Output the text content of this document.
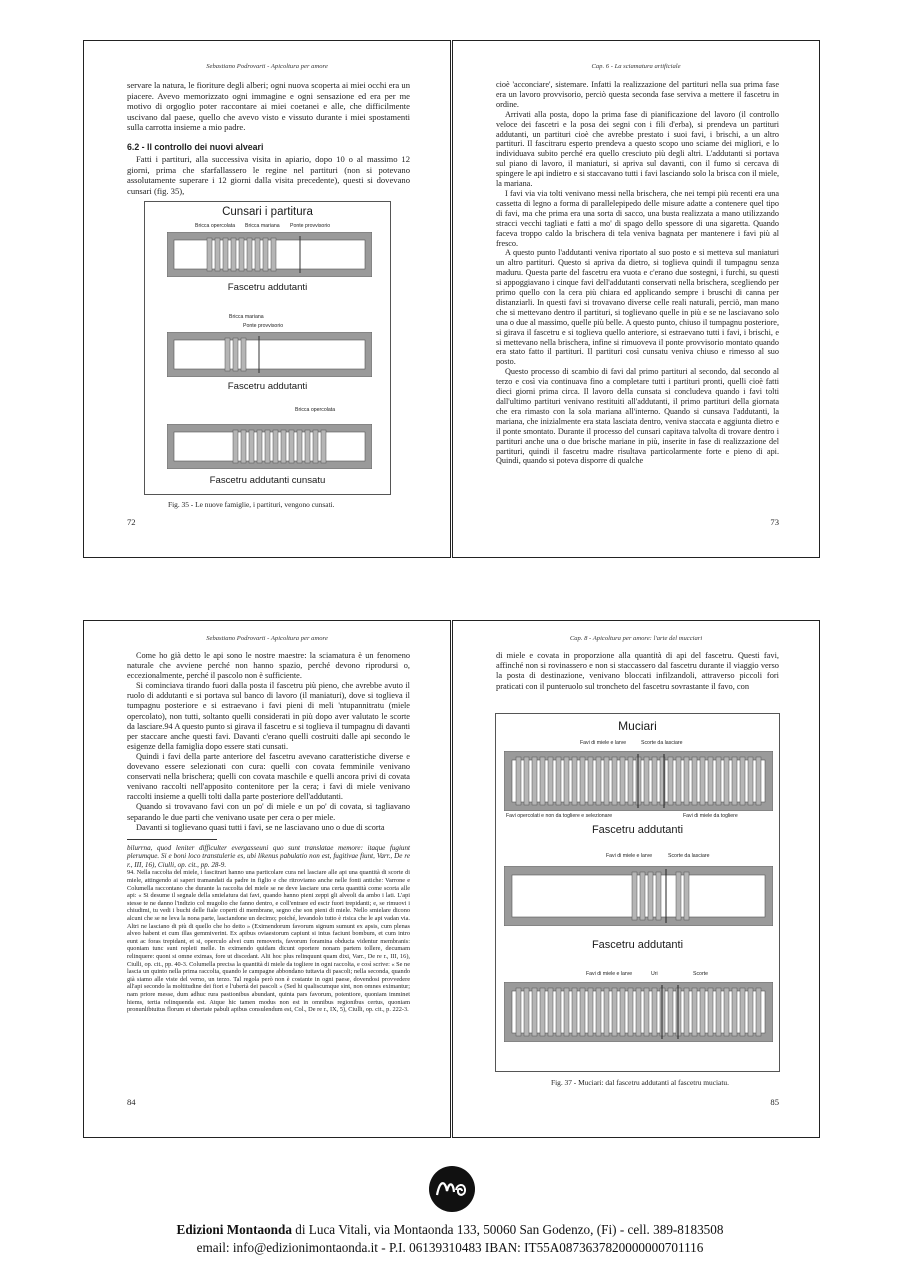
Sebastiano Podrovarti - Apicoltura per amore

servare la natura, le fioriture degli alberi; ogni nuova scoperta ai miei occhi era un piacere. Avevo memorizzato ogni immagine e ogni sensazione ed era per me motivo di orgoglio poter raccontare ai miei coetanei e alle, che difficilmente uscivano dal paese, quello che avevo visto e vissuto durante i miei spostamenti sulla carrotta insieme a mio padre.

6.2 - Il controllo dei nuovi alveari

Fatti i partituri, alla successiva visita in apiario, dopo 10 o al massimo 12 giorni, prima che sfarfallassero le regine nel partituri (non si potevano assolutamente superare i 12 giorni dalla visita precedente), questi si dovevano cunsari (fig. 35),

Cunsari i partitura
Bricca opercolata Bricca mariana Ponte provvisorio
Fascetru addutanti
Bricca mariana
Ponte provvisorio
Fascetru addutanti
Bricca opercolata
Fascetru addutanti cunsatu
Fig. 35 - Le nuove famiglie, i partituri, vengono cunsati.
72
Cap. 6 - La sciamatura artificiale

cioè 'acconciare', sistemare. Infatti la realizzazione del partituri nella sua prima fase era un lavoro provvisorio, perciò questa seconda fase serviva a mettere il fascetru in ordine.

Arrivati alla posta, dopo la prima fase di pianificazione del lavoro (il controllo veloce dei fascetri e la posa dei segni con i fili d'erba), si prendeva un partituri addutanti, un partituri cioè che avrebbe prestato i suoi favi, i brischi, a un altro partituri. Il fascitraru esperto prendeva a questo scopo uno sciame dei migliori, e lo individuava subito perché era quello cresciuto più degli altri. L'addutanti si portava sul piano di lavoro, il maniaturi, si apriva sul davanti, con il fumo si cercava di spingere le api indietro e si staccavano tutti i favi lasciando solo la brisca con il miele, la mariana.

I favi via via tolti venivano messi nella brischera, che nei tempi più recenti era una cassetta di legno a forma di parallelepipedo delle misure adatte a contenere quel tipo di favi, ma che prima era una sorta di sacco, una busta realizzata a mano utilizzando stracci vecchi tagliati e fatti a mo' di spago dello spessore di una sigaretta. Quando faceva troppo caldo la brischera di tela veniva bagnata per mantenere i favi più al fresco.

A questo punto l'addutanti veniva riportato al suo posto e si metteva sul maniaturi un altro partituri. Questo si apriva da dietro, si toglieva quindi il tumpagnu senza maduru. Questa parte del fascetru era vuota e c'erano due sostegni, i furchi, su questi si appoggiavano i cinque favi dell'addutanti conservati nella brischera, scegliendo per primo quello con la cera più chiara ed applicando sempre i bruschi di canna per distanziarli. In questi favi si trovavano diverse celle reali naturali, perciò, man mano che si mettevano dentro il partituri, si toglievano quelle in più e se ne lasciavano solo una o due al massimo, quelle più belle. A questo punto, chiuso il tumpagnu posteriore, si girava il fascetru e si toglieva quello anteriore, si estraevano tutti i favi, i brischi, e si mettevano nella brischera, infine si rimuoveva il ponte provvisorio montato quando era stato fatto il partituri. Il partituri così cunsatu veniva chiuso e rimesso al suo posto.

Questo processo di scambio di favi dal primo partituri al secondo, dal secondo al terzo e così via continuava fino a completare tutti i partituri pronti, quelli cioè fatti dieci giorni prima circa. Il lavoro della cunsata si concludeva quando i favi tolti dall'ultimo partituri venivano restituiti all'addutanti, il primo partituri della giornata che era rimasto con la sola mariana all'interno. Quando si cunsava l'addutanti, la mariana, che inizialmente era stata lasciata dentro, veniva staccata e aggiunta dietro e il ponte smontato. Durante il processo del cunsari capitava talvolta di trovare dentro i partituri anche una o due brische mariane in più, inserite in fase di realizzazione del partituri, quindi il fascetru madre risultava particolarmente forte e pieno di api. Quindi, quando si poteva disporre di qualche

73
Sebastiano Podrovarti - Apicoltura per amore

Come ho già detto le api sono le nostre maestre: la sciamatura è un fenomeno naturale che avviene perché non hanno spazio, perché devono riprodursi o, eccezionalmente, perché il pascolo non è sufficiente.

Si cominciava tirando fuori dalla posta il fascetru più pieno, che avrebbe avuto il ruolo di addutanti e si portava sul banco di lavoro (il maniaturi), dove si toglieva il tumpagnu posteriore e si estraevano i favi pieni di meli 'ntupannitratu (miele opercolato), non tutti, soltanto quelli considerati in più dopo aver valutato le scorte da lasciare.94 A questo punto si girava il fascetru e si toglieva il tumpagnu di davanti per staccare anche questi favi. Davanti c'erano quelli costruiti dalle api secondo le esigenze della famiglia dopo essere stati cunsati.

Quindi i favi della parte anteriore del fascetru avevano caratteristiche diverse e dovevano essere selezionati con cura: quelli con covata femminile venivano conservati nella brischera; quelli con covata maschile e quelli ancora privi di covata venivano raccolti nell'apposito contenitore per la cera; i favi di miele venivano raccolti insieme a quelli tolti dalla parte posteriore dell'addutanti.

Quando si trovavano favi con un po' di miele e un po' di covata, si tagliavano separando le due parti che venivano usate per cera o per miele.

Davanti si toglievano quasi tutti i favi, se ne lasciavano uno o due di scorta

bilurrna, quod leniter difficulter evergasseuni quo sunt translatae memore: itaque fugiunt plerumque. Si e boni loco transtulerie es, ubi likenus pabulatio non est, fugitivae fiunt, Varr., De re r., III, 16), Ciulli, op. cit., pp. 28-9.
94. Nella raccolta del miele, i fascitrari hanno una particolare cura nel lasciare alle api una quantità di scorte di miele, attingendo ai saperi tramandati da padre in figlio e che ritroviamo anche nelle fonti antiche: Varrone e Columella raccontano che durante la raccolta del miele se ne deve lasciare una certa quantità come scorta alle api: « Si desume il segnale della smielatura dai favi, quando hanno pieni zeppi gli alveoli da ambo i lati. L'api stesse te ne danno l'indizio col mugolio che fanno dentro, e coll'entrare ed escir fuori trepidanti; e, se rimuovi i chiudimi, tu vedi i buchi delle fiale coperti di membrane, segno che son pieni di miele. Nello smielare dicono alcuni che se ne leva la nona parte, lasciandone un decimo; poiché, levandolo tutto è risica che le api vadan via. Altri ne lasciano di più di quello che ho detto » (Eximendorum favorum signum sumunt ex apsis, cum plenas alveo habent et cum illas gemmiverint. Ex apibus oviaestorum capiunt si intus faciunt bombum, et cum intro eunt ac foras trepidant, et si, operculo alvei cum removeris, favorum foramina obducta videntur membranis: quoniam tunc sunt repleti melle. In eximendo quidam dicunt oportere nonam partem tollere, decumam relinquere: quoni si omne eximas, fore ut discedant. Alii hoc plus relinquunt quam dixi, Varr., De re r., III, 16), Ciulli, op. cit., pp. 40-3. Columella precisa la quantità di miele da togliere in ogni raccolta, e così scrive: « Se ne lascia un quinto nella prima raccolta, quando le campagne abbondano tuttavia di pascoli; nella seconda, quando già siamo alle viste del verno, un terzo. Tal regola però non è costante in ogni paese, dovendosi provvedere all'api secondo la moltitudine dei fiori e l'ubertà dei pascoli » (Sed hi qualiscumque sint, non omnes eximantur; nam priore messe, dum adhuc rura pastionibus abundant, quinta pars favorum, potentiore, quoniam imminet hiems, tertia relinquenda est. Atque hic tamen modus non est in omnibus regionibus certus, quoniam pronunlibtuitus florum et ubertate pabuli apibus consulendum est, Col., De re r., IX, 5), Ciulli, op. cit., p. 222-3.
84
Cap. 8 - Apicoltura per amore: l'arte del mucciari

di miele e covata in proporzione alla quantità di api del fascetru. Questi favi, affinché non si rovinassero e non si staccassero dal fascetru durante il viaggio verso la posta di destinazione, venivano bloccati infilzandoli, attraverso piccoli fori praticati con il punteruolo sul troncheto del fascetru sovrastante il favo, con

Muciari
Favi di miele e larve	Scorte da lasciare
Favi opercolati e non da togliere e selezionare	Favi di miele da togliere
Fascetru addutanti
Favi di miele e larve	Scorte da lasciare
Fascetru addutanti
Favi di miele e larve	Uri	Scorte
Fig. 37 - Muciari: dal fascetru addutanti al fascetru muciatu.
85
Edizioni Montaonda di Luca Vitali, via Montaonda 133, 50060 San Godenzo, (Fi) - cell. 389-8183508
email: info@edizionimontaonda.it - P.I. 06139310483 IBAN: IT55A0873637820000000701116
